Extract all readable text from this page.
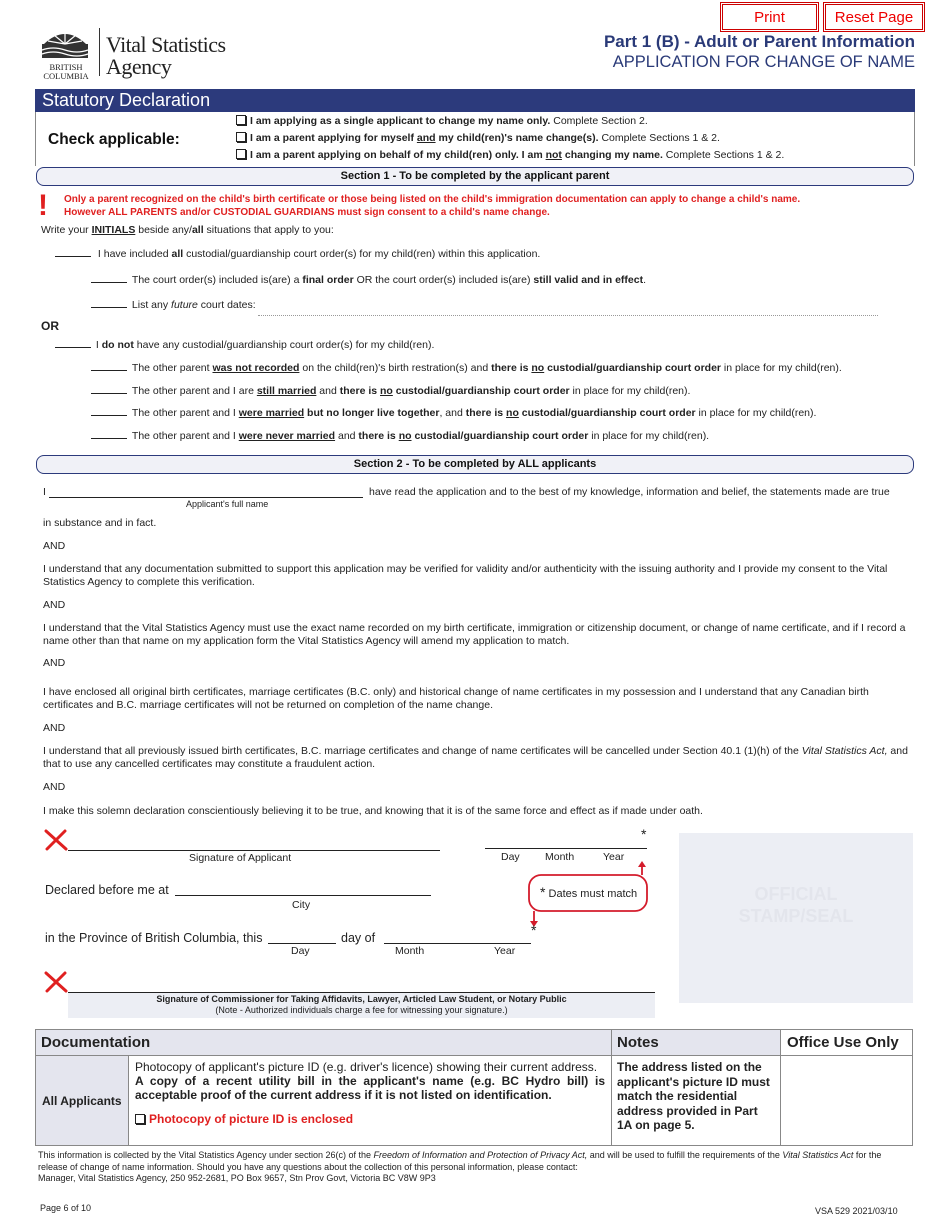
Print	Reset Page
BRITISH
COLUMBIA
Vital Statistics
Agency
Part 1 (B) - Adult or Parent Information
APPLICATION FOR CHANGE OF NAME
Statutory Declaration
Check applicable:
I am applying as a single applicant to change my name only. Complete Section 2.
I am a parent applying for myself and my child(ren)'s name change(s). Complete Sections 1 & 2.
I am a parent applying on behalf of my child(ren) only. I am not changing my name. Complete Sections 1 & 2.
Section 1 - To be completed by the applicant parent
! Only a parent recognized on the child's birth certificate or those being listed on the child's immigration documentation can apply to change a child's name.
However ALL PARENTS and/or CUSTODIAL GUARDIANS must sign consent to a child's name change.
Write your INITIALS beside any/all situations that apply to you:
I have included all custodial/guardianship court order(s) for my child(ren) within this application.
The court order(s) included is(are) a final order OR the court order(s) included is(are) still valid and in effect.
List any future court dates:
OR
I do not have any custodial/guardianship court order(s) for my child(ren).
The other parent was not recorded on the child(ren)'s birth restration(s) and there is no custodial/guardianship court order in place for my child(ren).
The other parent and I are still married and there is no custodial/guardianship court order in place for my child(ren).
The other parent and I were married but no longer live together, and there is no custodial/guardianship court order in place for my child(ren).
The other parent and I were never married and there is no custodial/guardianship court order in place for my child(ren).
Section 2 - To be completed by ALL applicants
I
Applicant's full name
have read the application and to the best of my knowledge, information and belief, the statements made are true
in substance and in fact.
AND
I understand that any documentation submitted to support this application may be verified for validity and/or authenticity with the issuing authority and I provide my consent to the Vital Statistics Agency to complete this verification.
AND
I understand that the Vital Statistics Agency must use the exact name recorded on my birth certificate, immigration or citizenship document, or change of name certificate, and if I record a name other than that name on my application form the Vital Statistics Agency will amend my application to match.
AND
I have enclosed all original birth certificates, marriage certificates (B.C. only) and historical change of name certificates in my possession and I understand that any Canadian birth certificates and B.C. marriage certificates will not be returned on completion of the name change.
AND
I understand that all previously issued birth certificates, B.C. marriage certificates and change of name certificates will be cancelled under Section 40.1 (1)(h) of the Vital Statistics Act, and that to use any cancelled certificates may constitute a fraudulent action.
AND
I make this solemn declaration conscientiously believing it to be true, and knowing that it is of the same force and effect as if made under oath.
Signature of Applicant	Day Month	Year
*
Declared before me at
City
* Dates must match
*
in the Province of British Columbia, this	day of
Day	Month	Year
OFFICIAL
STAMP/SEAL
Signature of Commissioner for Taking Affidavits, Lawyer, Articled Law Student, or Notary Public
(Note - Authorized individuals charge a fee for witnessing your signature.)
Documentation		Notes	Office Use Only
All Applicants	Photocopy of applicant's picture ID (e.g. driver's licence) showing their current address.
A copy of a recent utility bill in the applicant's name (e.g. BC Hydro bill) is acceptable proof of the current address if it is not listed on identification.
Photocopy of picture ID is enclosed	The address listed on the applicant's picture ID must match the residential address provided in Part 1A on page 5.	
This information is collected by the Vital Statistics Agency under section 26(c) of the Freedom of Information and Protection of Privacy Act, and will be used to fulfill the requirements of the Vital Statistics Act for the release of change of name information. Should you have any questions about the collection of this personal information, please contact:
Manager, Vital Statistics Agency, 250 952-2681, PO Box 9657, Stn Prov Govt, Victoria BC V8W 9P3
Page 6 of 10	VSA 529 2021/03/10
